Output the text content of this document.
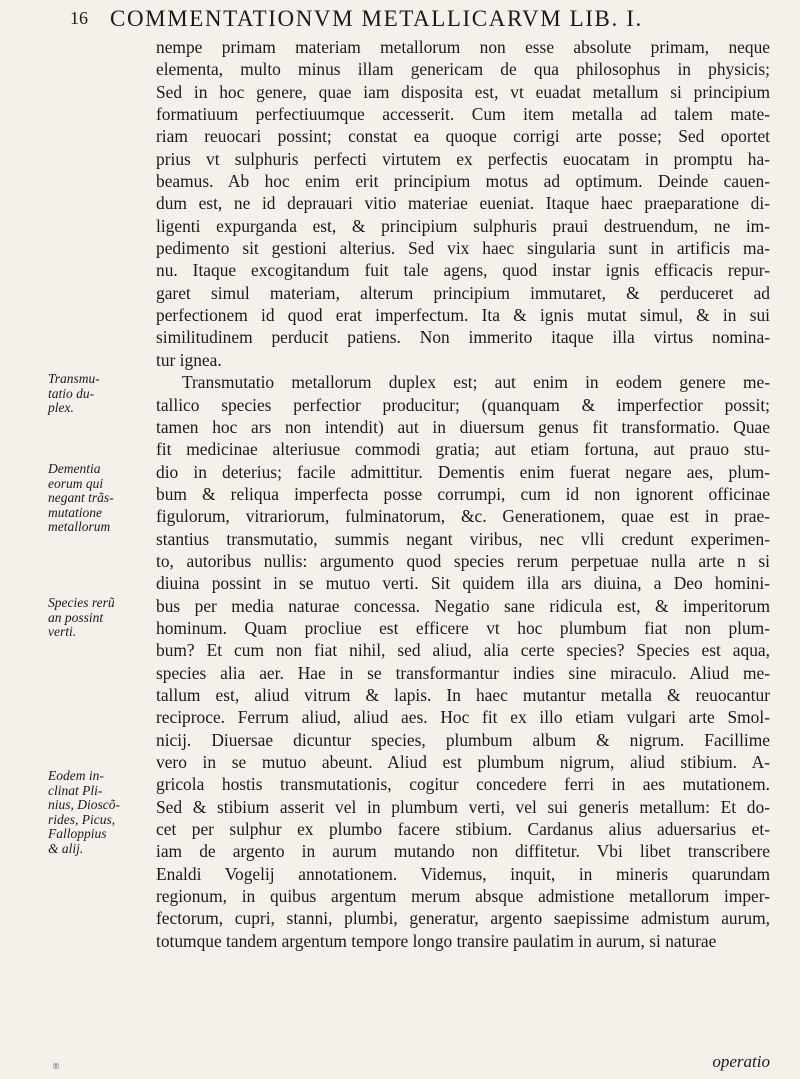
16 COMMENTATIONVM METALLICARVM LIB. I.
nempe primam materiam metallorum non esse absolute primam, neque
elementa, multo minus illam genericam de qua philosophus in physicis;
Sed in hoc genere, quae iam disposita est, vt euadat metallum si principium
formatiuum perfectiuumque accesserit. Cum item metalla ad talem mate-
riam reuocari possint; constat ea quoque corrigi arte posse; Sed oportet
prius vt sulphuris perfecti virtutem ex perfectis euocatam in promptu ha-
beamus. Ab hoc enim erit principium motus ad optimum. Deinde cauen-
dum est, ne id deprauari vitio materiae eueniat. Itaque haec praeparatione di-
ligenti expurganda est, & principium sulphuris praui destruendum, ne im-
pedimento sit gestioni alterius. Sed vix haec singularia sunt in artificis ma-
nu. Itaque excogitandum fuit tale agens, quod instar ignis efficacis repur-
garet simul materiam, alterum principium immutaret, & perduceret ad
perfectionem id quod erat imperfectum. Ita & ignis mutat simul, & in sui
similitudinem perducit patiens. Non immerito itaque illa virtus nomina-
tur ignea.
Transmutatio metallorum duplex est; aut enim in eodem genere me-
tallico species perfectior producitur; (quanquam & imperfectior possit;
tamen hoc ars non intendit) aut in diuersum genus fit transformatio. Quae
fit medicinae alteriusue commodi gratia; aut etiam fortuna, aut prauo stu-
dio in deterius; facile admittitur. Dementis enim fuerat negare aes, plum-
bum & reliqua imperfecta posse corrumpi, cum id non ignorent officinae
figulorum, vitrariorum, fulminatorum, &c. Generationem, quae est in prae-
stantius transmutatio, summis negant viribus, nec vlli credunt experimen-
to, autoribus nullis: argumento quod species rerum perpetuae nulla arte n si
diuina possint in se mutuo verti. Sit quidem illa ars diuina, a Deo homini-
bus per media naturae concessa. Negatio sane ridicula est, & imperitorum
hominum. Quam procliue est efficere vt hoc plumbum fiat non plum-
bum? Et cum non fiat nihil, sed aliud, alia certe species? Species est aqua,
species alia aer. Hae in se transformantur indies sine miraculo. Aliud me-
tallum est, aliud vitrum & lapis. In haec mutantur metalla & reuocantur
reciproce. Ferrum aliud, aliud aes. Hoc fit ex illo etiam vulgari arte Smol-
nicij. Diuersae dicuntur species, plumbum album & nigrum. Facillime
vero in se mutuo abeunt. Aliud est plumbum nigrum, aliud stibium. A-
gricola hostis transmutationis, cogitur concedere ferri in aes mutationem.
Sed & stibium asserit vel in plumbum verti, vel sui generis metallum: Et do-
cet per sulphur ex plumbo facere stibium. Cardanus alius aduersarius et-
iam de argento in aurum mutando non diffitetur. Vbi libet transcribere
Enaldi Vogelij annotationem. Videmus, inquit, in mineris quarundam
regionum, in quibus argentum merum absque admistione metallorum imper-
fectorum, cupri, stanni, plumbi, generatur, argento saepissime admistum aurum,
totumque tandem argentum tempore longo transire paulatim in aurum, si naturae
Transmu-
tatio du-
plex.
Dementia
eorum qui
negant trãs-
mutatione
metallorum
Species rerũ
an possint
verti.
Eodem in-
clinat Pli-
nius, Dioscõ-
rides, Picus,
Falloppius
& alij.
operatio
®
